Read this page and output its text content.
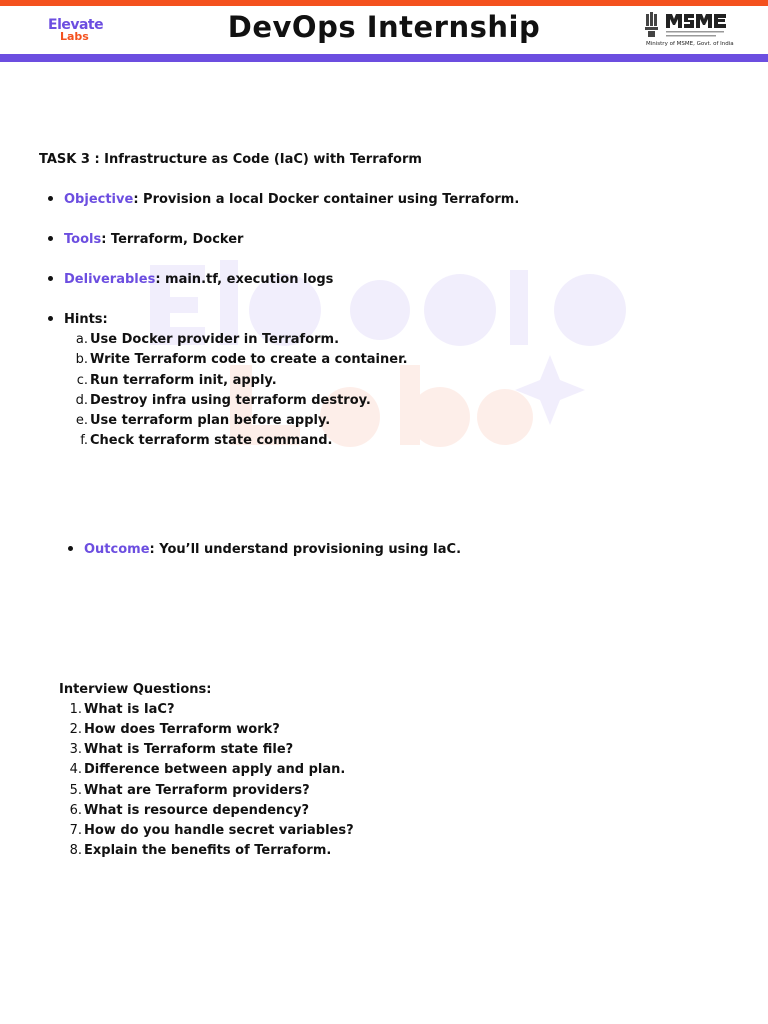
Elevate
Labs	DevOps Internship	Ministry of MSME, Govt. of India
TASK 3 : Infrastructure as Code (IaC) with Terraform
Objective: Provision a local Docker container using Terraform.
Tools: Terraform, Docker
Deliverables: main.tf, execution logs
Hints:
a. Use Docker provider in Terraform.
b. Write Terraform code to create a container.
c. Run terraform init, apply.
d. Destroy infra using terraform destroy.
e. Use terraform plan before apply.
f. Check terraform state command.
Outcome: You’ll understand provisioning using IaC.
Interview Questions:
1. What is IaC?
2. How does Terraform work?
3. What is Terraform state file?
4. Difference between apply and plan.
5. What are Terraform providers?
6. What is resource dependency?
7. How do you handle secret variables?
8. Explain the benefits of Terraform.
